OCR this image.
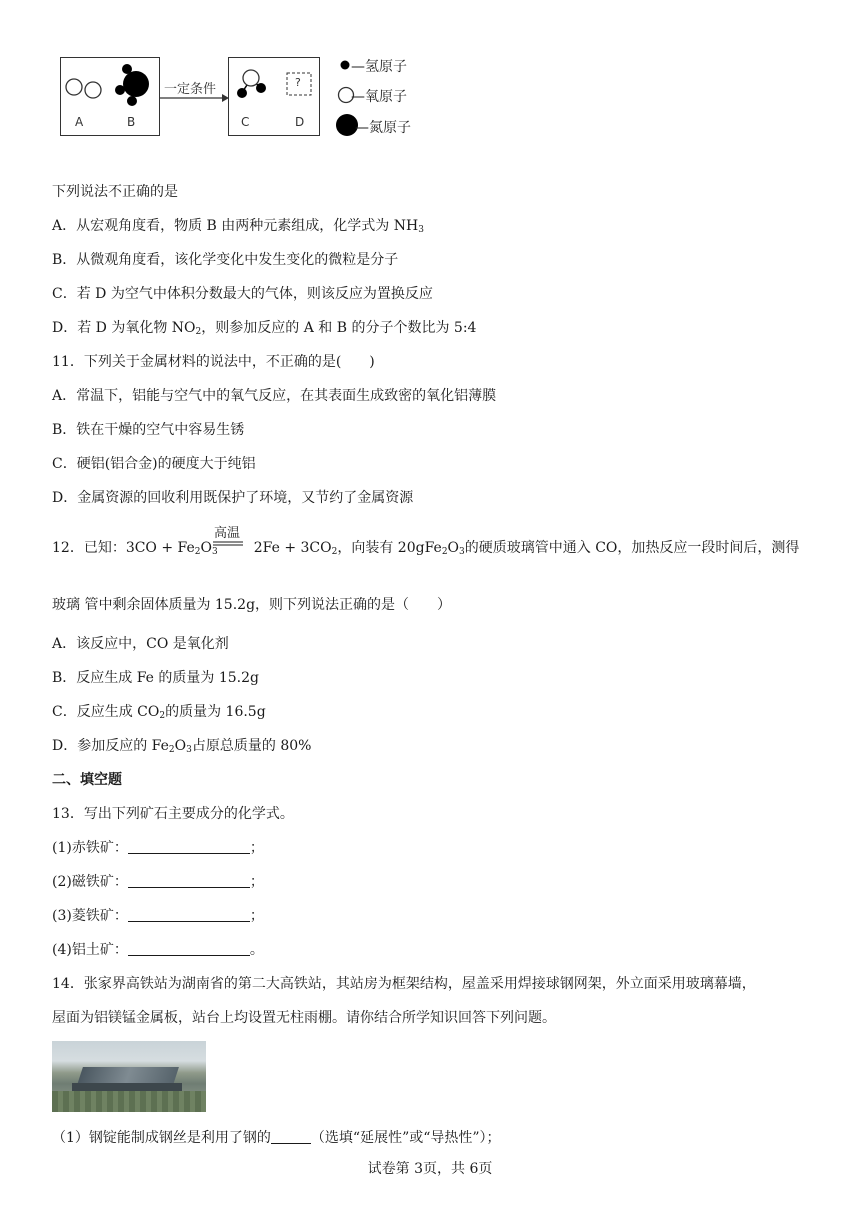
A	B
一定条件	?
C	D
—氢原子
—氧原子
—氮原子
下列说法不正确的是
A．从宏观角度看，物质 B 由两种元素组成，化学式为 $NH_3$
B．从微观角度看，该化学变化中发生变化的微粒是分子
C．若 D 为空气中体积分数最大的气体，则该反应为置换反应
D．若 D 为氧化物 $NO_2$，则参加反应的 A 和 B 的分子个数比为 5:4
11．下列关于金属材料的说法中，不正确的是(　　)
A．常温下，铝能与空气中的氧气反应，在其表面生成致密的氧化铝薄膜
B．铁在干燥的空气中容易生锈
C．硬铝(铝合金)的硬度大于纯铝
D．金属资源的回收利用既保护了环境，又节约了金属资源
高温
12．已知：$3CO + Fe_2O_3$	$2Fe + 3CO_2$，向装有 $20gFe_2O_3$的硬质玻璃管中通入 CO，加热反应一段时间后，测得
玻璃 管中剩余固体质量为 15.2g，则下列说法正确的是（　　）
A．该反应中，CO 是氧化剂
B．反应生成 Fe 的质量为 15.2g
C．反应生成 $CO_2$的质量为 16.5g
D．参加反应的 $Fe_2O_3$占原总质量的 80%
二、填空题
13．写出下列矿石主要成分的化学式。
(1)赤铁矿：	；
(2)磁铁矿：	；
(3)菱铁矿：	；
(4)铝土矿：	。
14．张家界高铁站为湖南省的第二大高铁站，其站房为框架结构，屋盖采用焊接球钢网架，外立面采用玻璃幕墙，
屋面为铝镁锰金属板，站台上均设置无柱雨棚。请你结合所学知识回答下列问题。
（1）钢锭能制成钢丝是利用了钢的	（选填“延展性”或“导热性”）；
试卷第 3页，共 6页
